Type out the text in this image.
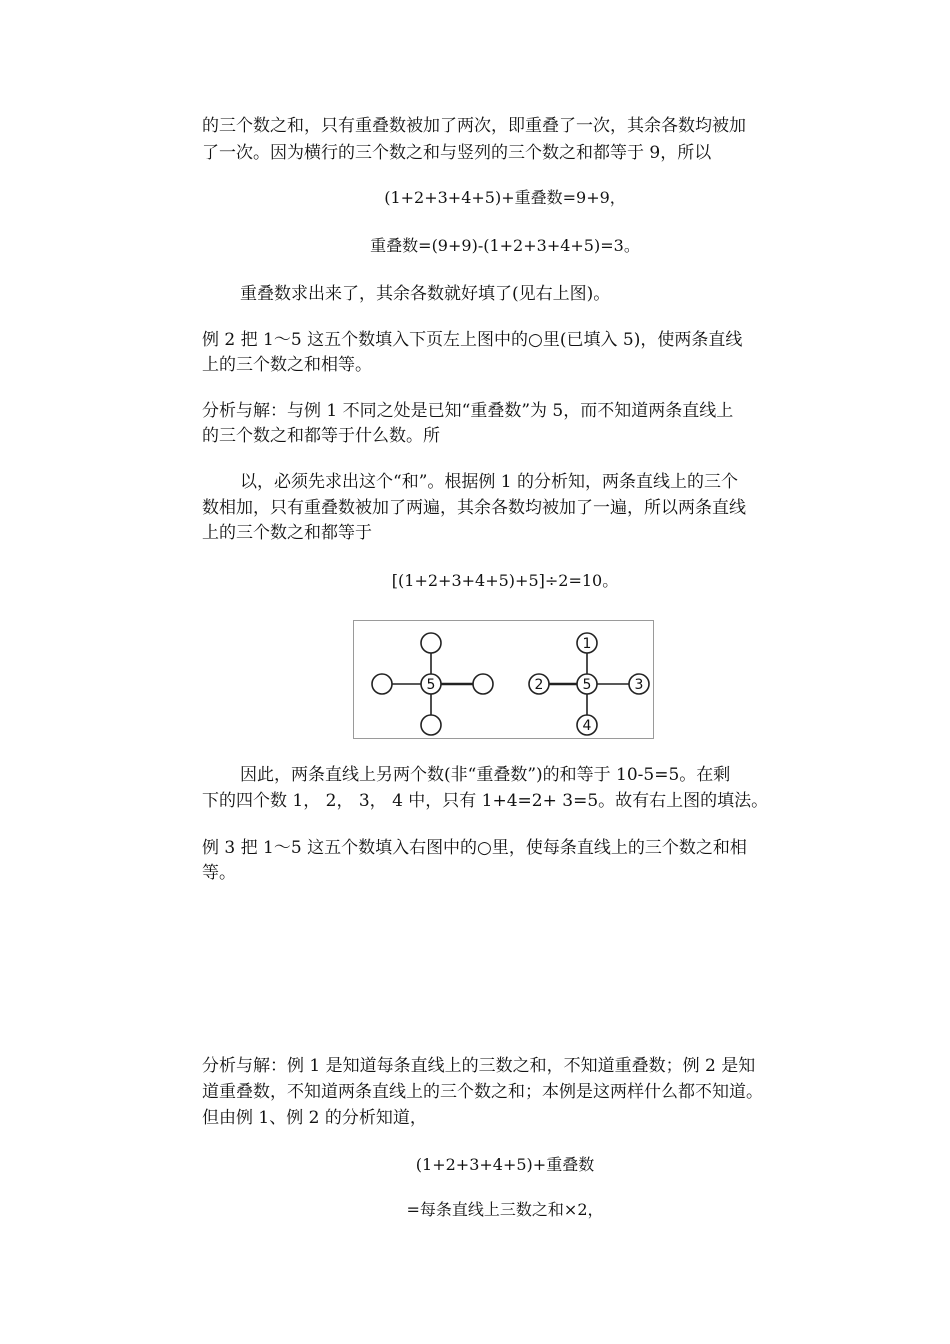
的三个数之和，只有重叠数被加了两次，即重叠了一次，其余各数均被加
了一次。因为横行的三个数之和与竖列的三个数之和都等于 9，所以
(1+2+3+4+5)+重叠数=9+9，
重叠数=(9+9)-(1+2+3+4+5)=3。
重叠数求出来了，其余各数就好填了(见右上图)。
例 2 把 1～5 这五个数填入下页左上图中的○里(已填入 5)，使两条直线
上的三个数之和相等。
分析与解：与例 1 不同之处是已知“重叠数”为 5，而不知道两条直线上
的三个数之和都等于什么数。所
以，必须先求出这个“和”。根据例 1 的分析知，两条直线上的三个
数相加，只有重叠数被加了两遍，其余各数均被加了一遍，所以两条直线
上的三个数之和都等于
[(1+2+3+4+5)+5]÷2=10。
5
1
2	5	3
4
因此，两条直线上另两个数(非“重叠数”)的和等于 10-5=5。在剩
下的四个数 1， 2， 3， 4 中，只有 1+4=2+ 3=5。故有右上图的填法。
例 3 把 1～5 这五个数填入右图中的○里，使每条直线上的三个数之和相
等。
分析与解：例 1 是知道每条直线上的三数之和，不知道重叠数；例 2 是知
道重叠数，不知道两条直线上的三个数之和；本例是这两样什么都不知道。
但由例 1、例 2 的分析知道，
(1+2+3+4+5)+重叠数
=每条直线上三数之和×2，
